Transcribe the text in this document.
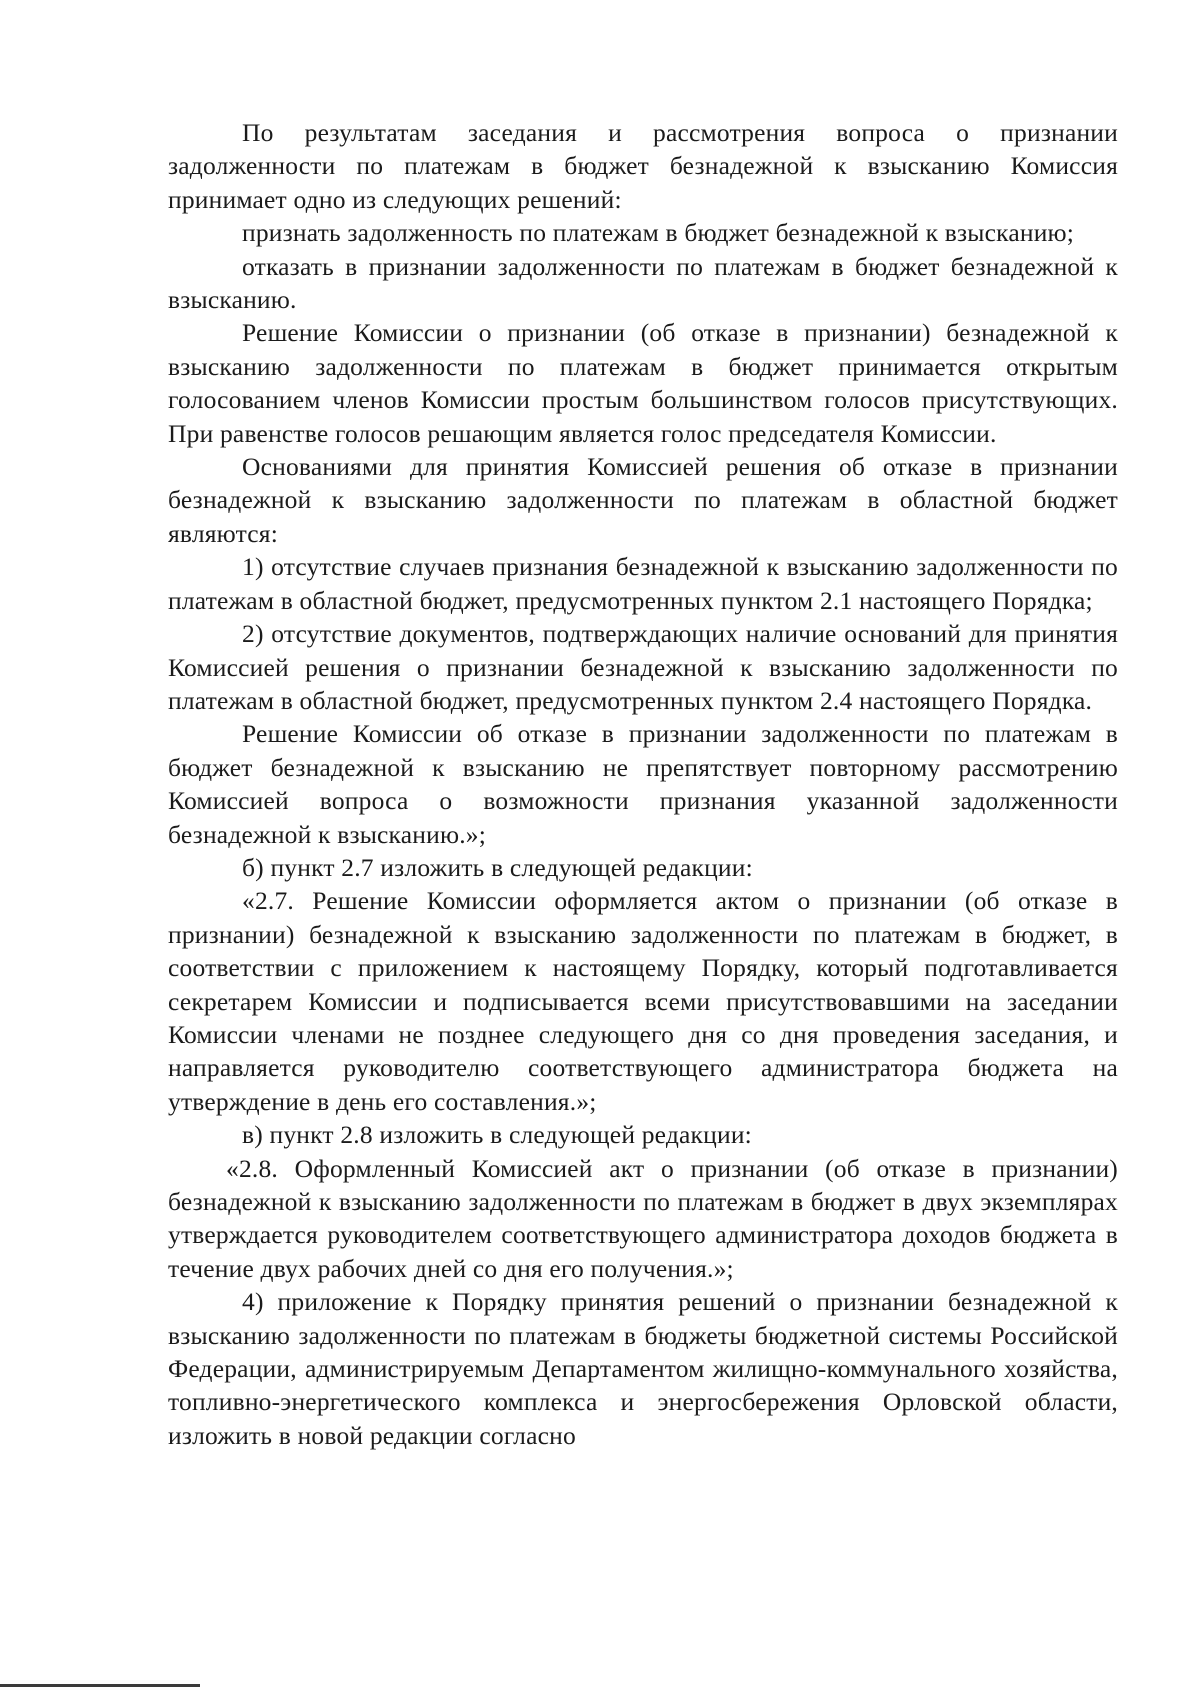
По результатам заседания и рассмотрения вопроса о признании задолженности по платежам в бюджет безнадежной к взысканию Комиссия принимает одно из следующих решений:

признать задолженность по платежам в бюджет безнадежной к взысканию;

отказать в признании задолженности по платежам в бюджет безнадежной к взысканию.

Решение Комиссии о признании (об отказе в признании) безнадежной к взысканию задолженности по платежам в бюджет принимается открытым голосованием членов Комиссии простым большинством голосов присутствующих. При равенстве голосов решающим является голос председателя Комиссии.

Основаниями для принятия Комиссией решения об отказе в признании безнадежной к взысканию задолженности по платежам в областной бюджет являются:

1) отсутствие случаев признания безнадежной к взысканию задолженности по платежам в областной бюджет, предусмотренных пунктом 2.1 настоящего Порядка;

2) отсутствие документов, подтверждающих наличие оснований для принятия Комиссией решения о признании безнадежной к взысканию задолженности по платежам в областной бюджет, предусмотренных пунктом 2.4 настоящего Порядка.

Решение Комиссии об отказе в признании задолженности по платежам в бюджет безнадежной к взысканию не препятствует повторному рассмотрению Комиссией вопроса о возможности признания указанной задолженности безнадежной к взысканию.»;

б) пункт 2.7 изложить в следующей редакции:

«2.7. Решение Комиссии оформляется актом о признании (об отказе в признании) безнадежной к взысканию задолженности по платежам в бюджет, в соответствии с приложением к настоящему Порядку, который подготавливается секретарем Комиссии и подписывается всеми присутствовавшими на заседании Комиссии членами не позднее следующего дня со дня проведения заседания, и направляется руководителю соответствующего администратора бюджета на утверждение в день его составления.»;

в) пункт 2.8 изложить в следующей редакции:

«2.8. Оформленный Комиссией акт о признании (об отказе в признании) безнадежной к взысканию задолженности по платежам в бюджет в двух экземплярах утверждается руководителем соответствующего администратора доходов бюджета в течение двух рабочих дней со дня его получения.»;

4) приложение к Порядку принятия решений о признании безнадежной к взысканию задолженности по платежам в бюджеты бюджетной системы Российской Федерации, администрируемым Департаментом жилищно-коммунального хозяйства, топливно-энергетического комплекса и энергосбережения Орловской области, изложить в новой редакции согласно
